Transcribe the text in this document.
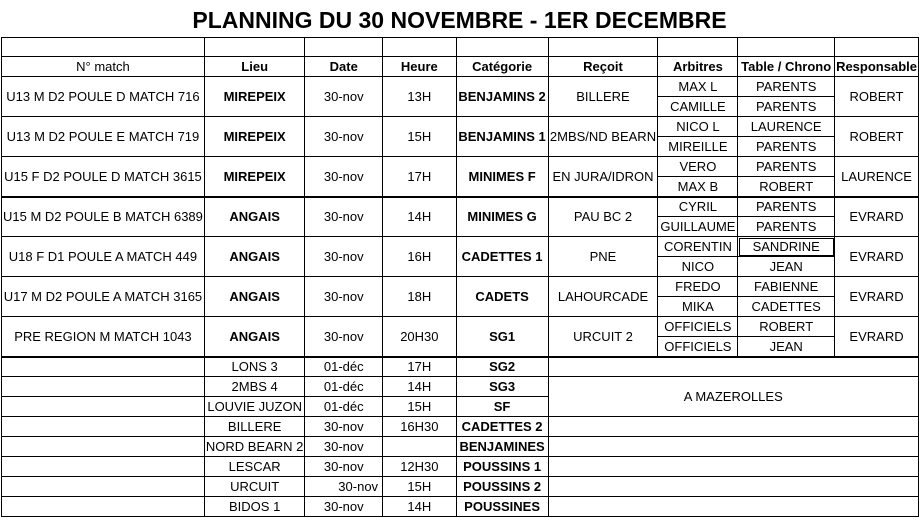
PLANNING DU 30 NOVEMBRE - 1ER DECEMBRE

N° match	Lieu	Date	Heure	Catégorie	Reçoit	Arbitres	Table / Chrono	Responsable
U13 M D2 POULE D MATCH 716	MIREPEIX	30-nov	13H	BENJAMINS 2	BILLERE	MAX L	PARENTS	ROBERT
						CAMILLE	PARENTS	
U13 M D2 POULE E MATCH 719	MIREPEIX	30-nov	15H	BENJAMINS 1	2MBS/ND BEARN	NICO L	LAURENCE	ROBERT
						MIREILLE	PARENTS	
U15 F D2 POULE D MATCH 3615	MIREPEIX	30-nov	17H	MINIMES F	EN JURA/IDRON	VERO	PARENTS	LAURENCE
						MAX B	ROBERT	
U15 M D2 POULE B MATCH 6389	ANGAIS	30-nov	14H	MINIMES G	PAU BC 2	CYRIL	PARENTS	EVRARD
						GUILLAUME	PARENTS	
U18 F D1 POULE A MATCH 449	ANGAIS	30-nov	16H	CADETTES 1	PNE	CORENTIN	SANDRINE	EVRARD
						NICO	JEAN	
U17 M D2 POULE A MATCH 3165	ANGAIS	30-nov	18H	CADETS	LAHOURCADE	FREDO	FABIENNE	EVRARD
						MIKA	CADETTES	
PRE REGION M MATCH 1043	ANGAIS	30-nov	20H30	SG1	URCUIT 2	OFFICIELS	ROBERT	EVRARD
						OFFICIELS	JEAN	
	LONS 3	01-déc	17H	SG2				
	2MBS 4	01-déc	14H	SG3	A MAZEROLLES			
	LOUVIE JUZON	01-déc	15H	SF				
	BILLERE	30-nov	16H30	CADETTES 2				
	NORD BEARN 2	30-nov		BENJAMINES				
	LESCAR	30-nov	12H30	POUSSINS 1				
	URCUIT	30-nov	15H	POUSSINS 2				
	BIDOS 1	30-nov	14H	POUSSINES				
